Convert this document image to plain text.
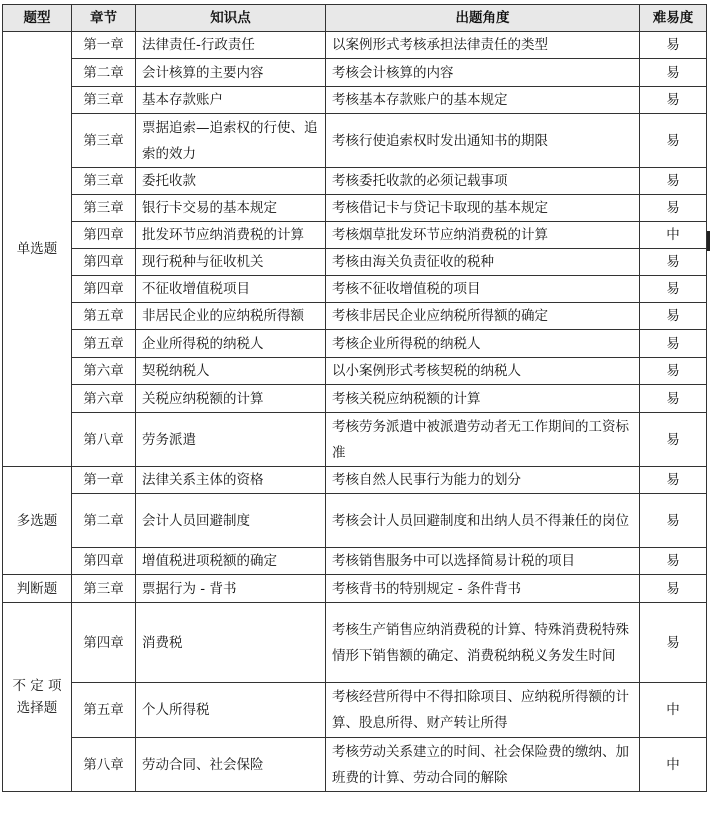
题型	章节	知识点	出题角度	难易度
单选题	第一章	法律责任-行政责任	以案例形式考核承担法律责任的类型	易
	第二章	会计核算的主要内容	考核会计核算的内容	易
	第三章	基本存款账户	考核基本存款账户的基本规定	易
	第三章	票据追索—追索权的行使、追索的效力	考核行使追索权时发出通知书的期限	易
	第三章	委托收款	考核委托收款的必须记载事项	易
	第三章	银行卡交易的基本规定	考核借记卡与贷记卡取现的基本规定	易
	第四章	批发环节应纳消费税的计算	考核烟草批发环节应纳消费税的计算	中
	第四章	现行税种与征收机关	考核由海关负责征收的税种	易
	第四章	不征收增值税项目	考核不征收增值税的项目	易
	第五章	非居民企业的应纳税所得额	考核非居民企业应纳税所得额的确定	易
	第五章	企业所得税的纳税人	考核企业所得税的纳税人	易
	第六章	契税纳税人	以小案例形式考核契税的纳税人	易
	第六章	关税应纳税额的计算	考核关税应纳税额的计算	易
	第八章	劳务派遣	考核劳务派遣中被派遣劳动者无工作期间的工资标准	易
多选题	第一章	法律关系主体的资格	考核自然人民事行为能力的划分	易
	第二章	会计人员回避制度	考核会计人员回避制度和出纳人员不得兼任的岗位	易
	第四章	增值税进项税额的确定	考核销售服务中可以选择简易计税的项目	易
判断题	第三章	票据行为 - 背书	考核背书的特别规定 - 条件背书	易
不 定 项选择题	第四章	消费税	考核生产销售应纳消费税的计算、特殊消费税特殊情形下销售额的确定、消费税纳税义务发生时间	易
	第五章	个人所得税	考核经营所得中不得扣除项目、应纳税所得额的计算、股息所得、财产转让所得	中
	第八章	劳动合同、社会保险	考核劳动关系建立的时间、社会保险费的缴纳、加班费的计算、劳动合同的解除	中
